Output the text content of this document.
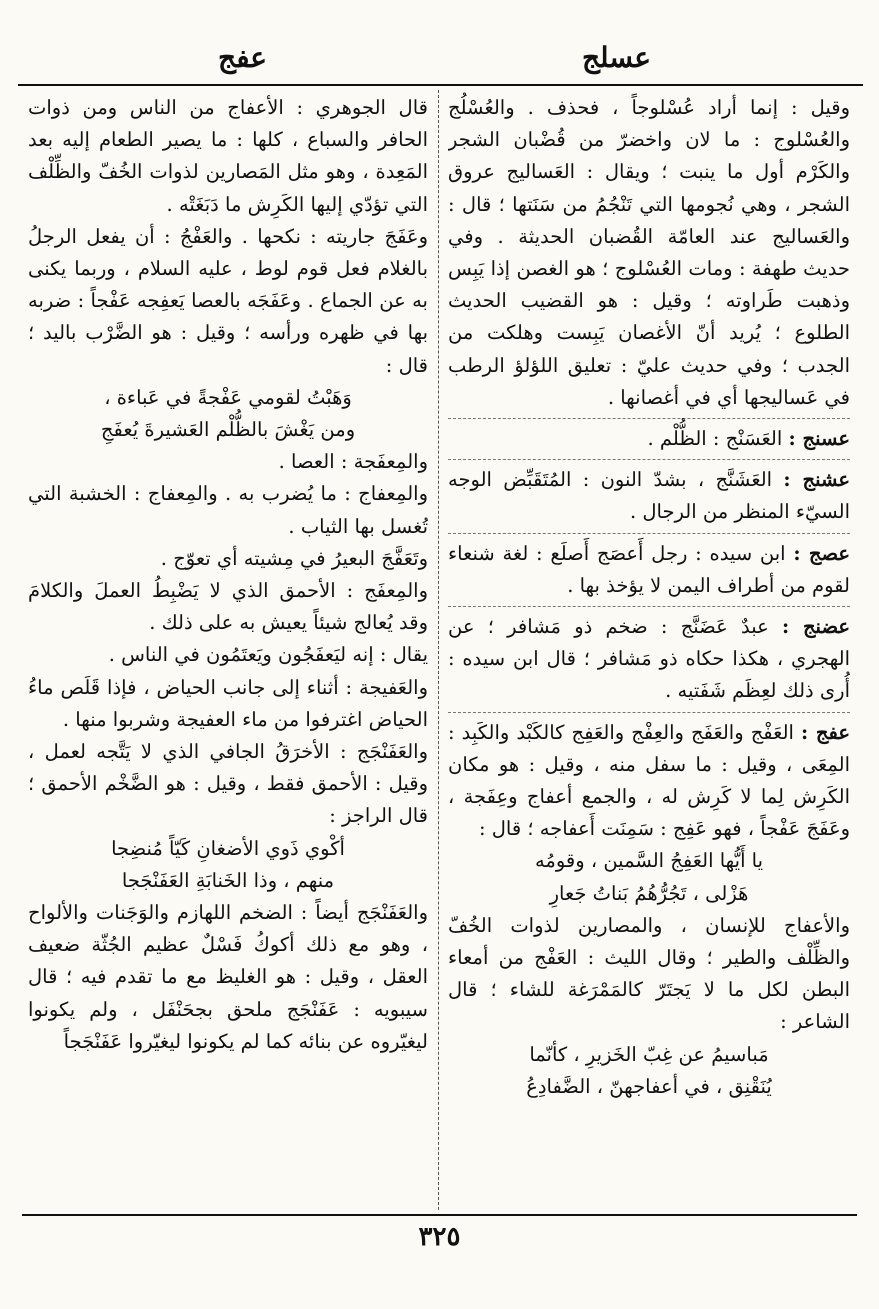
عسلج
عفج

وقيل : إنما أراد عُسْلوجاً ، فحذف . والعُسْلُج والعُسْلوج : ما لان واخضرّ من قُضْبان الشجر والكَرْم أول ما ينبت ؛ ويقال : العَساليج عروق الشجر ، وهي نُجومها التي تَنْجُمُ من سَنَتها ؛ قال : والعَساليج عند العامّة القُضبان الحديثة . وفي حديث طهفة : ومات العُسْلوج ؛ هو الغصن إذا يَبِس وذهبت طَراوته ؛ وقيل : هو القضيب الحديث الطلوع ؛ يُريد أنّ الأغصان يَبِست وهلكت من الجدب ؛ وفي حديث عليّ : تعليق اللؤلؤ الرطب في عَساليجها أي في أغصانها .

عسنج : العَسَنْج : الظُّلْم .

عشنج : العَشَنَّج ، بشدّ النون : المُتَقَبِّض الوجه السيّء المنظر من الرجال .

عصج : ابن سيده : رجل أَعصَج أَصلَع : لغة شنعاء لقوم من أطراف اليمن لا يؤخذ بها .

عضنج : عبدٌ عَضَنَّج : ضخم ذو مَشافر ؛ عن الهجري ، هكذا حكاه ذو مَشافر ؛ قال ابن سيده : أُرى ذلك لعِظَم شَفَتيه .

عفج : العَفْج والعَفَج والعِفْج والعَفِج كالكَبْد والكَبِد : المِعَى ، وقيل : ما سفل منه ، وقيل : هو مكان الكَرِش لِما لا كَرِش له ، والجمع أعفاج وعِفَجة ، وعَفَجَ عَفْجاً ، فهو عَفِج : سَمِنَت أَعفاجه ؛ قال :

يا أَيُّها العَفِجُ السَّمين ، وقومُه

هَزْلى ، تَجُرُّهُمُ بَناتُ جَعارِ

والأعفاج للإنسان ، والمصارين لذوات الخُفّ والظِّلْف والطير ؛ وقال الليث : العَفْج من أمعاء البطن لكل ما لا يَجتَرّ كالمَمْرَغة للشاء ؛ قال الشاعر :

مَباسيمُ عن غِبّ الخَزيرِ ، كأنّما

يُنَقْنِق ، في أعفاجهنّ ، الضَّفادِعُ

قال الجوهري : الأعفاج من الناس ومن ذوات الحافر والسباع ، كلها : ما يصير الطعام إليه بعد المَعِدة ، وهو مثل المَصارين لذوات الخُفّ والظِّلْف التي تؤدّي إليها الكَرِش ما دَبَغَتْه .

وعَفَجَ جاريته : نكحها . والعَفْجُ : أن يفعل الرجلُ بالغلام فعل قوم لوط ، عليه السلام ، وربما يكنى به عن الجماع . وعَفَجَه بالعصا يَعفِجه عَفْجاً : ضربه بها في ظهره ورأسه ؛ وقيل : هو الضَّرْب باليد ؛ قال :

وَهَبْتُ لقومي عَفْجةً في عَباءة ،

ومن يَغْشَ بالظُّلْم العَشيرةَ يُعفَجِ

والمِعفَجة : العصا .

والمِعفاج : ما يُضرب به . والمِعفاج : الخشبة التي تُغسل بها الثياب .

وتَعَفَّجَ البعيرُ في مِشيته أي تعوّج .

والمِعفَج : الأحمق الذي لا يَضْبِطُ العملَ والكلامَ وقد يُعالج شيئاً يعيش به على ذلك .

يقال : إنه ليَعفَجُون ويَعتَمُون في الناس .

والعَفيجة : أثناء إلى جانب الحياض ، فإذا قَلَص ماءُ الحياض اغترفوا من ماء العفيجة وشربوا منها .

والعَفَنْجَج : الأخرَقُ الجافي الذي لا يَتَّجه لعمل ، وقيل : الأحمق فقط ، وقيل : هو الضَّخْم الأحمق ؛ قال الراجز :

أكْوي ذَوي الأضغانِ كَيّاً مُنضِجا

منهم ، وذا الخَنابَةِ العَفَنْجَجا

والعَفَنْجَج أيضاً : الضخم اللهازم والوَجَنات والألواح ، وهو مع ذلك أكوكُ فَسْلٌ عظيم الجُثّة ضعيف العقل ، وقيل : هو الغليظ مع ما تقدم فيه ؛ قال سيبويه : عَفَنْجَج ملحق بجحَنْفَل ، ولم يكونوا ليغيّروه عن بنائه كما لم يكونوا ليغيّروا عَفَنْجَجاً

٣٢٥
